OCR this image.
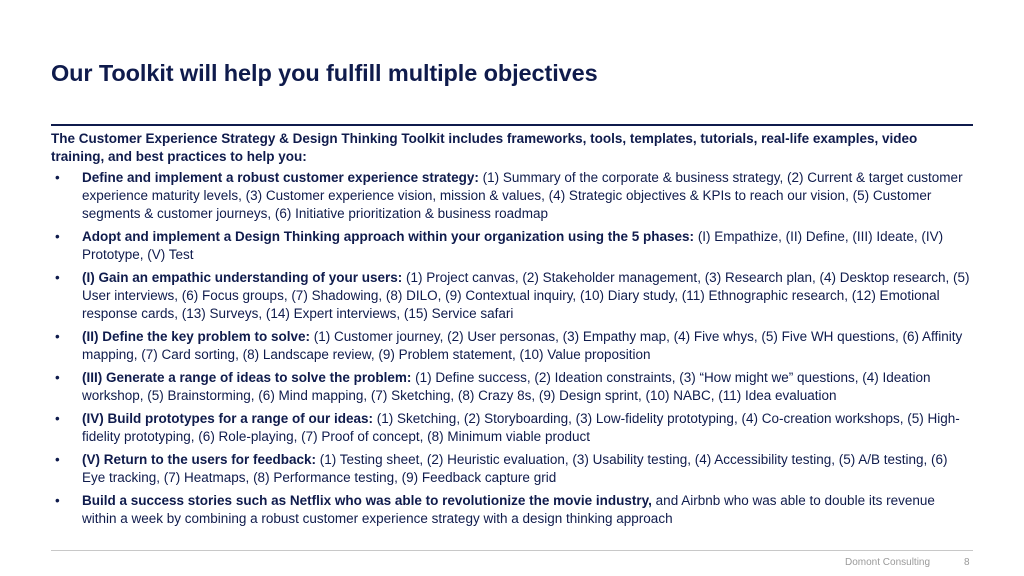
Our Toolkit will help you fulfill multiple objectives

The Customer Experience Strategy & Design Thinking Toolkit includes frameworks, tools, templates, tutorials, real-life examples, video training, and best practices to help you:

• Define and implement a robust customer experience strategy: (1) Summary of the corporate & business strategy, (2) Current & target customer experience maturity levels, (3) Customer experience vision, mission & values, (4) Strategic objectives & KPIs to reach our vision, (5) Customer segments & customer journeys, (6) Initiative prioritization & business roadmap
• Adopt and implement a Design Thinking approach within your organization using the 5 phases: (I) Empathize, (II) Define, (III) Ideate, (IV) Prototype, (V) Test
• (I) Gain an empathic understanding of your users: (1) Project canvas, (2) Stakeholder management, (3) Research plan, (4) Desktop research, (5) User interviews, (6) Focus groups, (7) Shadowing, (8) DILO, (9) Contextual inquiry, (10) Diary study, (11) Ethnographic research, (12) Emotional response cards, (13) Surveys, (14) Expert interviews, (15) Service safari
• (II) Define the key problem to solve: (1) Customer journey, (2) User personas, (3) Empathy map, (4) Five whys, (5) Five WH questions, (6) Affinity mapping, (7) Card sorting, (8) Landscape review, (9) Problem statement, (10) Value proposition
• (III) Generate a range of ideas to solve the problem: (1) Define success, (2) Ideation constraints, (3) “How might we” questions, (4) Ideation workshop, (5) Brainstorming, (6) Mind mapping, (7) Sketching, (8) Crazy 8s, (9) Design sprint, (10) NABC, (11) Idea evaluation
• (IV) Build prototypes for a range of our ideas: (1) Sketching, (2) Storyboarding, (3) Low-fidelity prototyping, (4) Co-creation workshops, (5) High-fidelity prototyping, (6) Role-playing, (7) Proof of concept, (8) Minimum viable product
• (V) Return to the users for feedback: (1) Testing sheet, (2) Heuristic evaluation, (3) Usability testing, (4) Accessibility testing, (5) A/B testing, (6) Eye tracking, (7) Heatmaps, (8) Performance testing, (9) Feedback capture grid
• Build a success stories such as Netflix who was able to revolutionize the movie industry, and Airbnb who was able to double its revenue within a week by combining a robust customer experience strategy with a design thinking approach
Domont Consulting	8
